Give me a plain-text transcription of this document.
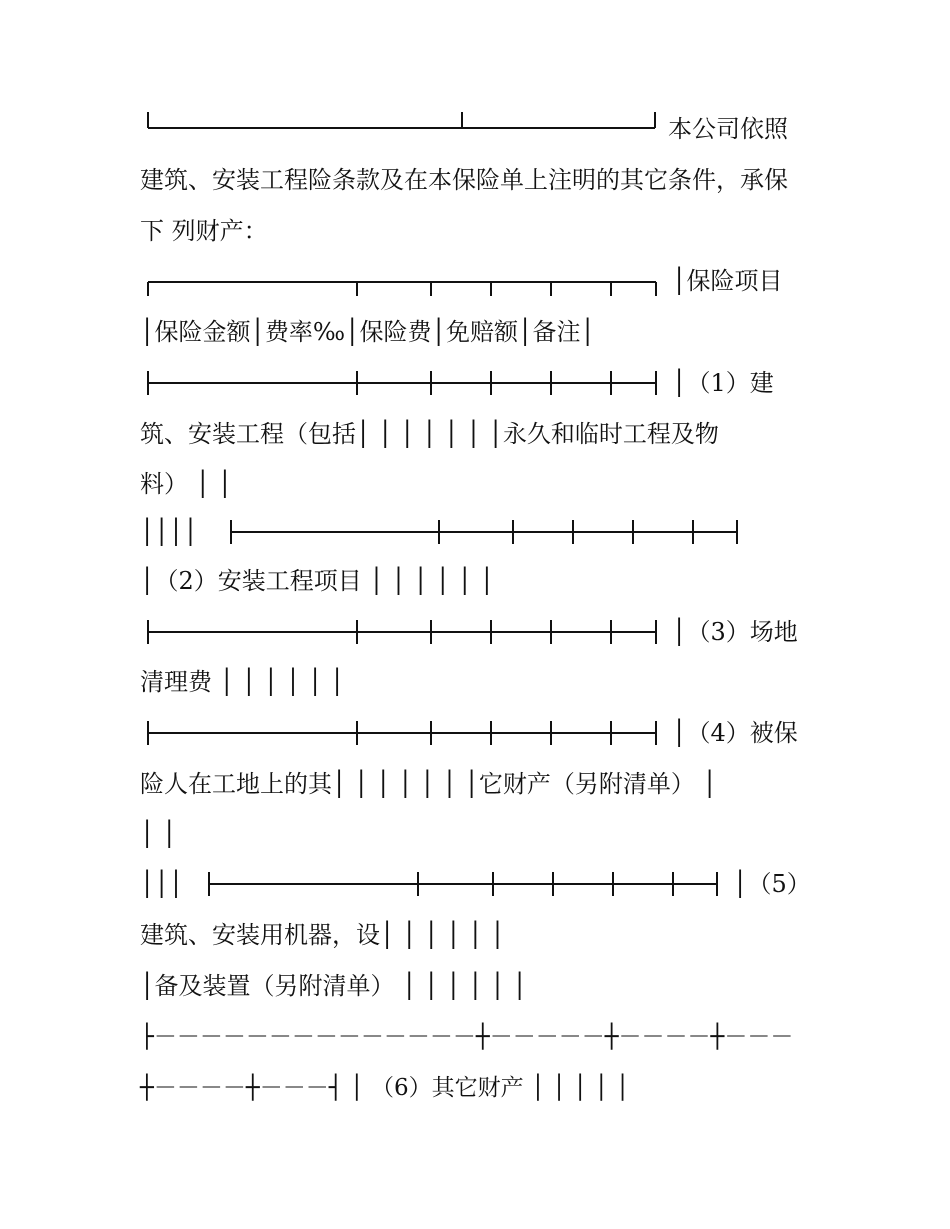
本公司依照
建筑、安装工程险条款及在本保险单上注明的其它条件，承保
下 列财产：
│保险项目
│保险金额│费率‰│保险费│免赔额│备注│
│（1）建
筑、安装工程（包括│ │ │ │ │ │ │永久和临时工程及物
料） │ │
││││
│（2）安装工程项目 │ │ │ │ │ │
│（3）场地
清理费 │ │ │ │ │ │
│（4）被保
险人在工地上的其│ │ │ │ │ │ │它财产（另附清单） │
│ │
│││	│（5）
建筑、安装用机器，设│ │ │ │ │ │
│备及装置（另附清单） │ │ │ │ │ │
├－－－－－－－－－－－－－－┼－－－－－┼－－－－┼－－－
┼－－－－┼－－－┤ │ （6）其它财产 │ │ │ │ │
